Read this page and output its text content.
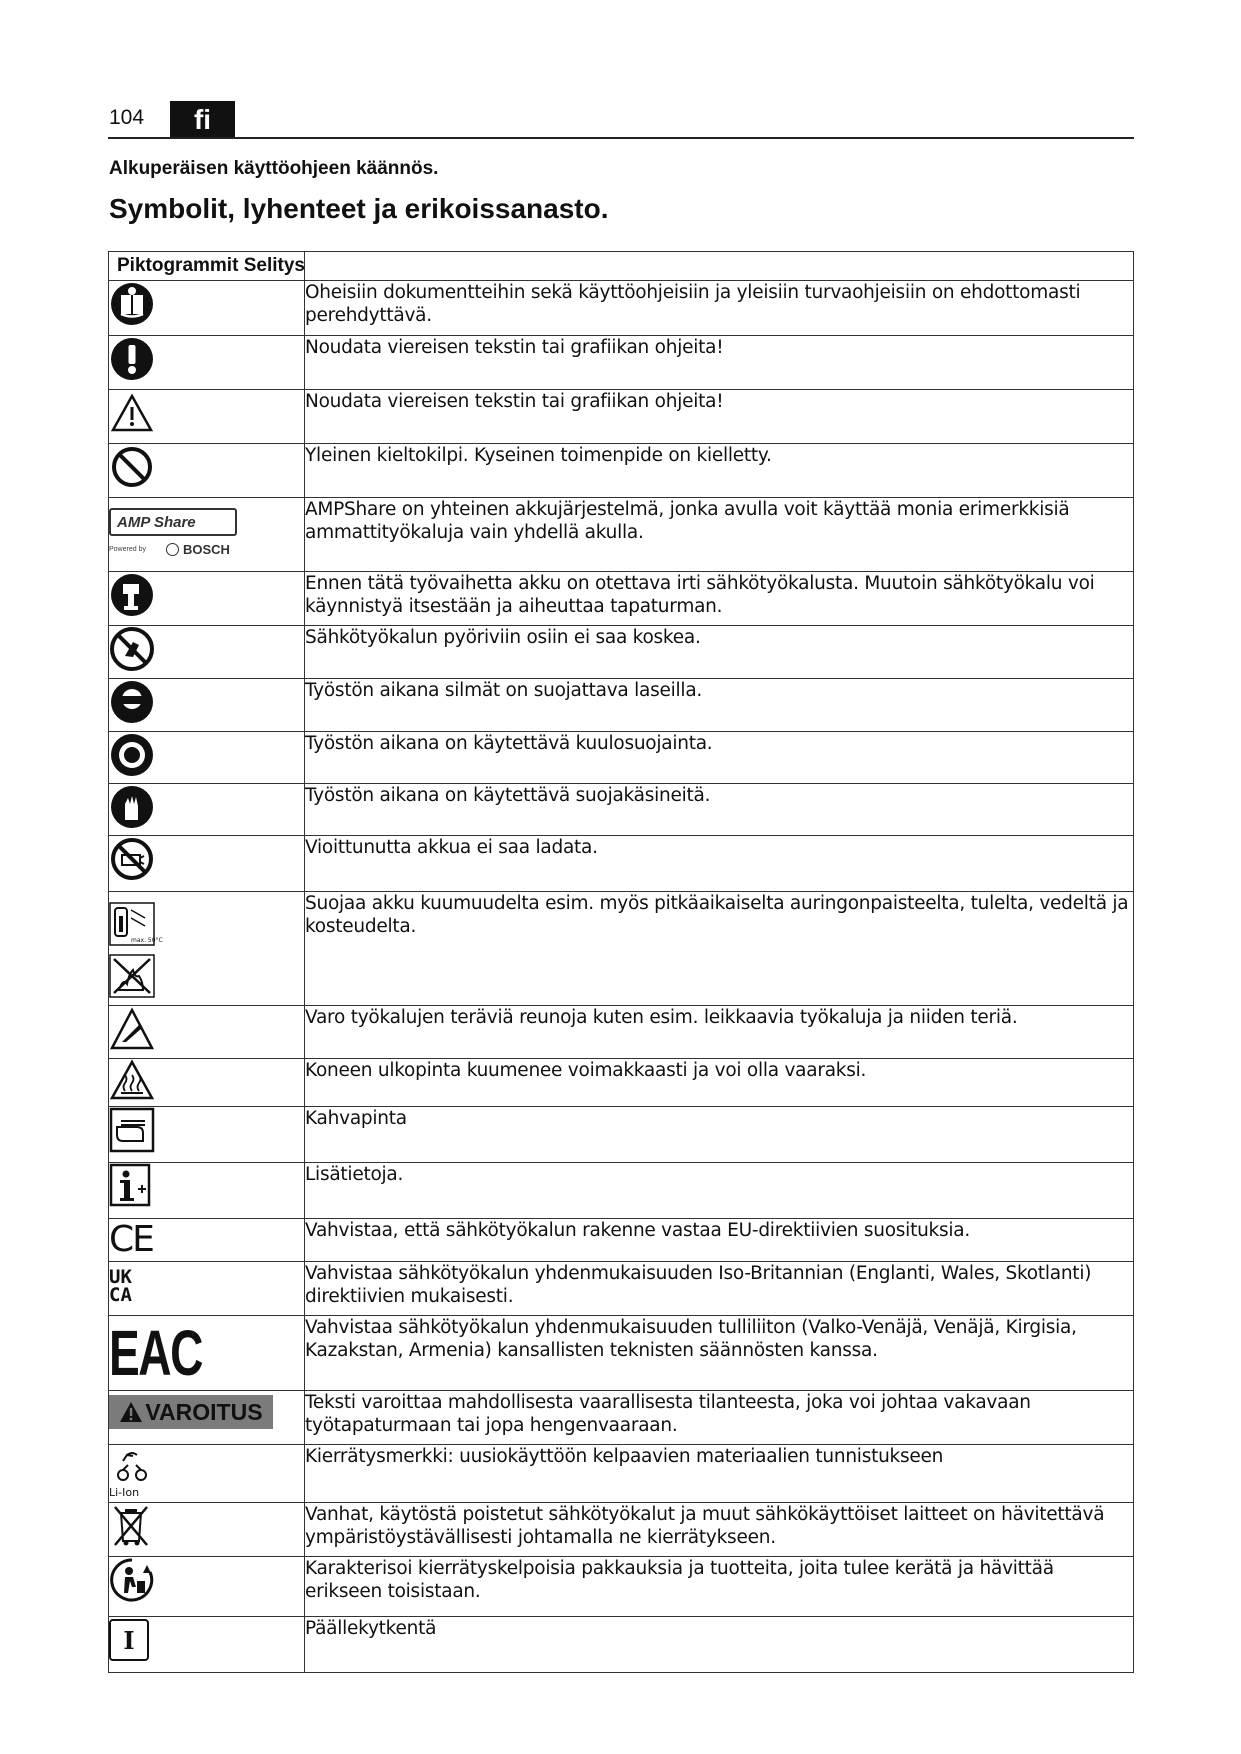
104	fi
Alkuperäisen käyttöohjeen käännös.
Symbolit, lyhenteet ja erikoissanasto.
Piktogrammit Selitys	

	Oheisiin dokumentteihin sekä käyttöohjeisiin ja yleisiin turvaohjeisiin on ehdottomasti perehdyttävä.

	Noudata viereisen tekstin tai grafiikan ohjeita!

	Noudata viereisen tekstin tai grafiikan ohjeita!

	Yleinen kieltokilpi. Kyseinen toimenpide on kielletty.

AMP Share
Powered by BOSCH	AMPShare on yhteinen akkujärjestelmä, jonka avulla voit käyttää monia erimerkkisiä ammattityökaluja vain yhdellä akulla.

	Ennen tätä työvaihetta akku on otettava irti sähkötyökalusta. Muutoin sähkötyökalu voi käynnistyä itsestään ja aiheuttaa tapaturman.

	Sähkötyökalun pyöriviin osiin ei saa koskea.

	Työstön aikana silmät on suojattava laseilla.

	Työstön aikana on käytettävä kuulosuojainta.

	Työstön aikana on käytettävä suojakäsineitä.

	Vioittunutta akkua ei saa ladata.

max. 50°C	Suojaa akku kuumuudelta esim. myös pitkäaikaiselta auringonpaisteelta, tulelta, vedeltä ja kosteudelta.

	Varo työkalujen teräviä reunoja kuten esim. leikkaavia työkaluja ja niiden teriä.

	Koneen ulkopinta kuumenee voimakkaasti ja voi olla vaaraksi.

	Kahvapinta

	Lisätietoja.

CE	Vahvistaa, että sähkötyökalun rakenne vastaa EU-direktiivien suosituksia.

UK
CA	Vahvistaa sähkötyökalun yhdenmukaisuuden Iso-Britannian (Englanti, Wales, Skotlanti) direktiivien mukaisesti.

EAC	Vahvistaa sähkötyökalun yhdenmukaisuuden tulliliiton (Valko-Venäjä, Venäjä, Kirgisia, Kazakstan, Armenia) kansallisten teknisten säännösten kanssa.

VAROITUS	Teksti varoittaa mahdollisesta vaarallisesta tilanteesta, joka voi johtaa vakavaan työtapaturmaan tai jopa hengenvaaraan.

Li-Ion	Kierrätysmerkki: uusiokäyttöön kelpaavien materiaalien tunnistukseen

	Vanhat, käytöstä poistetut sähkötyökalut ja muut sähkökäyttöiset laitteet on hävitettävä ympäristöystävällisesti johtamalla ne kierrätykseen.

	Karakterisoi kierrätyskelpoisia pakkauksia ja tuotteita, joita tulee kerätä ja hävittää erikseen toisistaan.

I	Päällekytkentä
